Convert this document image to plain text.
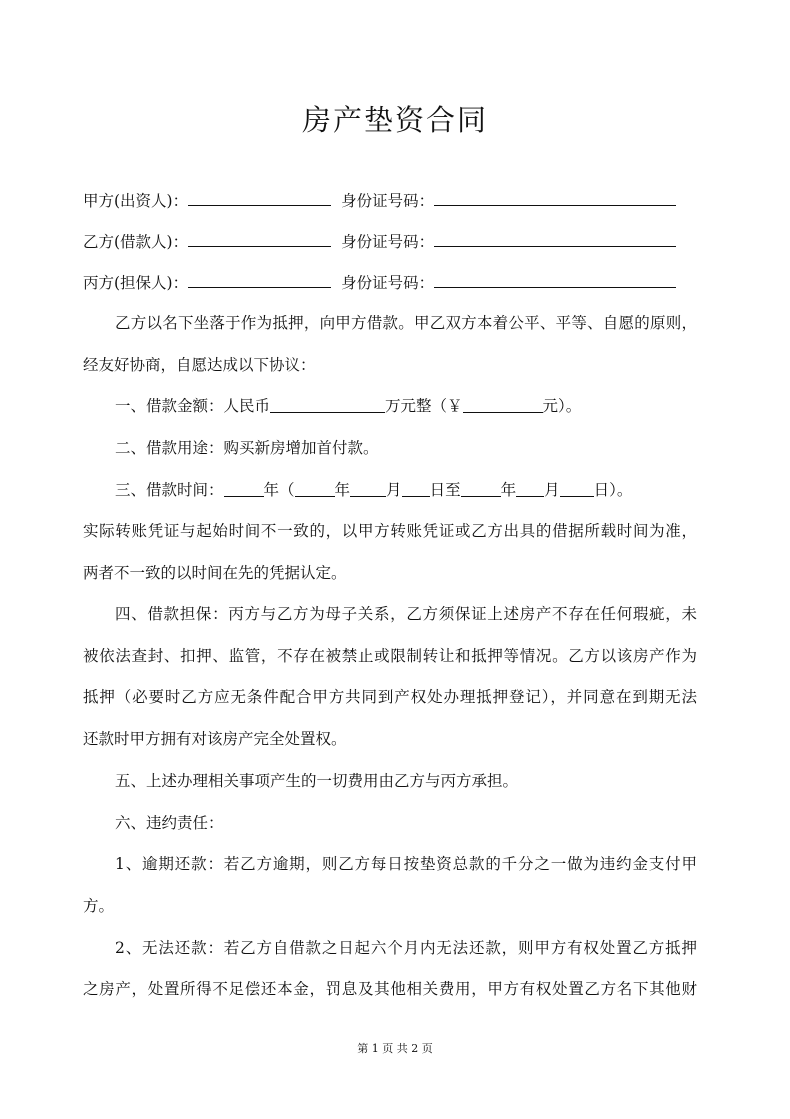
房产垫资合同
甲方(出资人)：	身份证号码：
乙方(借款人)：	身份证号码：
丙方(担保人)：	身份证号码：
乙方以名下坐落于作为抵押，向甲方借款。甲乙双方本着公平、平等、自愿的原则，
经友好协商，自愿达成以下协议：
一、借款金额：人民币	万元整（￥	元）。
二、借款用途：购买新房增加首付款。
三、借款时间：	年（	年 月 日至	年 月 日）。
实际转账凭证与起始时间不一致的，以甲方转账凭证或乙方出具的借据所载时间为准，
两者不一致的以时间在先的凭据认定。
四、借款担保：丙方与乙方为母子关系，乙方须保证上述房产不存在任何瑕疵，未
被依法查封、扣押、监管，不存在被禁止或限制转让和抵押等情况。乙方以该房产作为
抵押（必要时乙方应无条件配合甲方共同到产权处办理抵押登记），并同意在到期无法
还款时甲方拥有对该房产完全处置权。
五、上述办理相关事项产生的一切费用由乙方与丙方承担。
六、违约责任：
1、逾期还款：若乙方逾期，则乙方每日按垫资总款的千分之一做为违约金支付甲
方。
2、无法还款：若乙方自借款之日起六个月内无法还款，则甲方有权处置乙方抵押
之房产，处置所得不足偿还本金，罚息及其他相关费用，甲方有权处置乙方名下其他财
第 1 页 共 2 页
